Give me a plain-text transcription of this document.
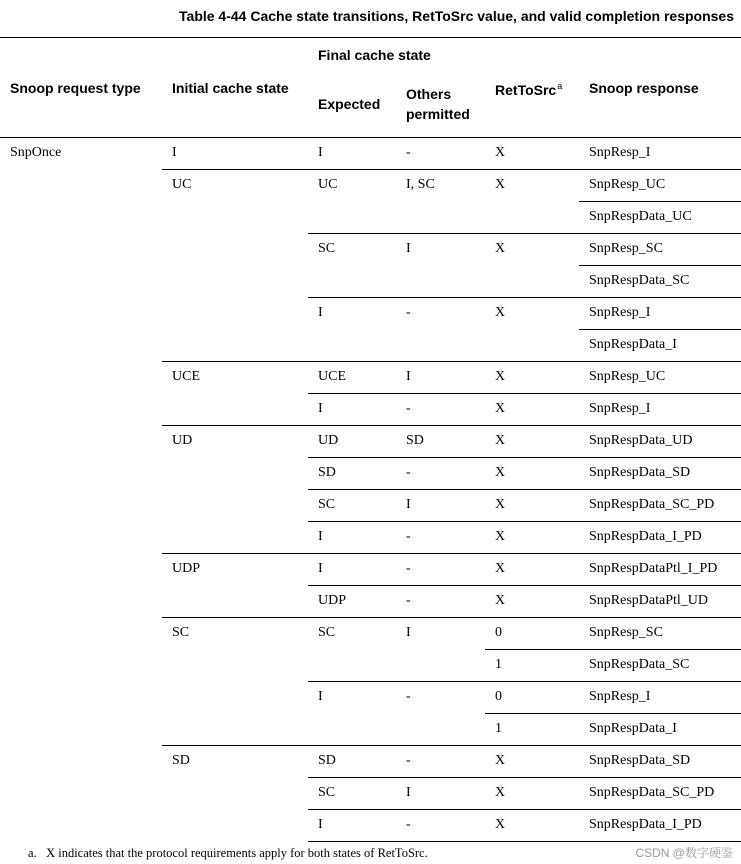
Table 4-44 Cache state transitions, RetToSrc value, and valid completion responses
Snoop request type	Initial cache state	Final cache state		RetToSrc$^a$	Snoop response
		Expected	Others
permitted		
SnpOnce	I	I	-	X	SnpResp_I
	UC	UC	I, SC	X	SnpResp_UC
					SnpRespData_UC
		SC	I	X	SnpResp_SC
					SnpRespData_SC
		I	-	X	SnpResp_I
					SnpRespData_I
	UCE	UCE	I	X	SnpResp_UC
		I	-	X	SnpResp_I
	UD	UD	SD	X	SnpRespData_UD
		SD	-	X	SnpRespData_SD
		SC	I	X	SnpRespData_SC_PD
		I	-	X	SnpRespData_I_PD
	UDP	I	-	X	SnpRespDataPtl_I_PD
		UDP	-	X	SnpRespDataPtl_UD
	SC	SC	I	0	SnpResp_SC
				1	SnpRespData_SC
		I	-	0	SnpResp_I
				1	SnpRespData_I
	SD	SD	-	X	SnpRespData_SD
		SC	I	X	SnpRespData_SC_PD
		I	-	X	SnpRespData_I_PD
a. X indicates that the protocol requirements apply for both states of RetToSrc.	CSDN @数字硬鉴
